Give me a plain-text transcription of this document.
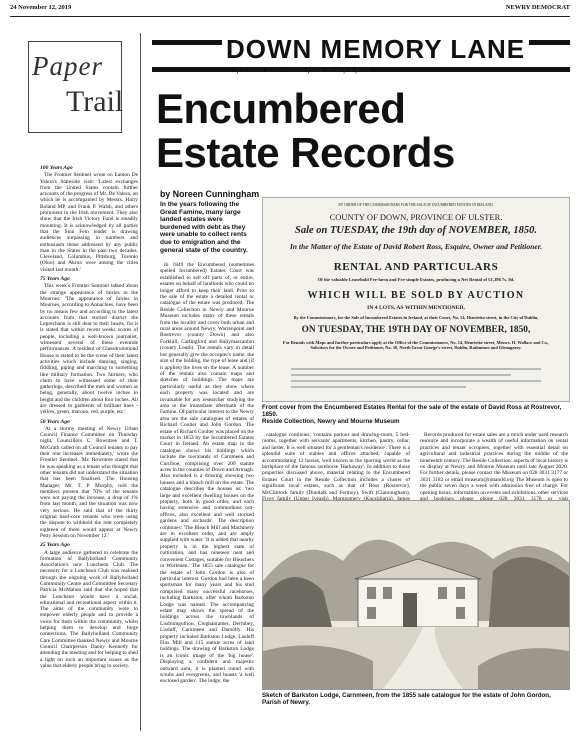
24 November 12, 2019	NEWRY DEMOCRAT
Paper
Trail
100 Years Ago

The Frontier Sentinel wrote on Eamon De Valera's Stateside visit: 'Latest exchanges from the United States contain further accounts of the progress of Mr. De Valera, on which he is accompanied by Messrs. Harry Boland MP, and Frank P. Walsh, and others prominent in the Irish movement. They also show that the Irish Victory Fund is steadily mounting. It is acknowledged by all parties that the Sinn Fein leader is drawing audiences surpassing in numbers and enthusiasm those addressed by any public man in the States in the past two decades. Cleveland, Columbus, Pittsburg, Toronto (Ohio) and Akron were among the cities visited last month.'

75 Years Ago

This week's Frontier Sentinel talked about the strange appearance of fairies in the Mournes: 'The appearance of fairies in Mournes, according to Annachies, have been by no means few and according to the latest accounts from that storied district the Leprechaun is still dear to their hearts, for it is stated that within recent weeks scores of people, including a well-known journalist, witnessed several of these eventide performances. A resident of Glassdrummond House is stated to be the scene of their latest activities which include dancing, singing, fiddling, piping and marching to something like military formation. Two farmers, who claim to have witnessed some of their gatherings, described the men and women as being, generally, about twelve inches in height and the children about four inches. All are dressed in garments of brilliant lines - yellow, green, maroon, red, purple, etc.'

50 Years Ago

'At a stormy meeting of Newry Urban Council Finance Committee on Thursday night, Councillors C. Rowntree and T. McGrath called on all Council tenants to pay their rent increases immediately,' wrote the Frontier Sentinel. 'Mr. Rowntree stated that he was speaking as a tenant who thought that other tenants did not understand the situation that has been finalised. The Housing Manager, Mr. T. P. Murphy, told the members present that 70% of the tenants were not paying the increase, a drop of 1% from last month, and the situation was now very serious. He said that of the thirty original hard-core tenants who were using the dispute to withhold the rent completely eighteen of them would appear at Newry Petty Session on November 12.'

25 Years Ago

A large audience gathered to celebrate the formation of Ballyholland Community Association's new Luncheon Club. The necessity for a Luncheon Club was realised through the ongoing work of Ballyholland Community Centre and Committee Secretary Patricia McMahon said that she hoped that the Luncheon would have a social, educational and recreational aspect within it. The aims of the community were to empower elderly people and to provide a voice for them within the community, whilst helping them to develop and forge connections. The Ballyholland Community Care Committee thanked Newry and Mourne Council Chairperson Danny Kennedy for attending the meeting and for helping to shed a light on such an important issues as the value that elderly people bring to society.

DOWN MEMORY LANE
pictures and stories from Newry's past
Encumbered
Estate Records
by Noreen Cunningham
In the years following the Great Famine, many large landed estates were burdened with debt as they were unable to collect rents due to emigration and the general state of the country.

In 1849 the Encumbered (sometimes spelled Incumbered) Estates Court was established to sell off parts of, or entire, estates on behalf of landlords who could no longer afford to keep their land. Prior to the sale of the estate a detailed rental or catalogue of the estate was produced. The Reside Collection in Newry and Mourne Museum includes many of these rentals from the locality and cover both urban and rural areas around Newry, Warrenpoint and Rostrevor (county Down) and also Forkhill, Carlingford and Ballymascanlon (county Louth). The rentals vary in detail but generally give the occupier's name, the size of the holding, the type of lease and (if it applies) the lives on the lease. A number of the rentals also contain maps and sketches of buildings. The maps are particularly useful as they show where each property was located and are invaluable for any researcher studying the area in the immediate aftermath of the Famine. Of particular interest to the Newry area are the sale catalogues of estates of Richard Coulter and John Gordon. The estate of Richard Coulter was placed on the market in 1853 by the Incumbered Estates Court in Ireland. An estate map in the catalogue shows his holdings which include the townlands of Carnmeen and Curriboe, comprising over 200 statute acres in the counties of Down and Armagh. Also included is a drawing showing two houses and a bleach mill on the estate. The catalogue describes the houses as: 'two large and excellent dwelling houses on the property, both in good order, and each having extensive and commodious out-offices, also excellent and well stocked gardens and orchards'. The description continues: 'The Bleach Mill and Machinery are in excellent order, and are amply supplied with water.' It is added that nearby property is in the highest state of cultivation, and has nineteen neat and convenient Cottages, suitable for Bleachers or Workmen.' The 1855 sale catalogue for the estate of John Gordon is also of particular interest. Gordon had been a keen sportsman for many years and his stud comprised many successful racehorses, including Barkston, after whom Barkston Lodge was named. The accompanying estate map shows the spread of the holdings across the townlands of Lisdrumgullion, Cloghanramer, Derrubey, Lisduff, Carnmeen and Damolly. His property included Barkston Lodge, Lisduff Flax Mill and 115 statute acres of land holdings. The drawing of Barkston Lodge is an iconic image of the 'big house'. Displaying a confident and majestic outward aura, it is planted round with scrubs and evergreens, and boasts 'a well enclosed garden'. The lodge, the

BY ORDER OF THE COMMISSIONERS FOR THE SALE OF INCUMBERED ESTATES IN IRELAND.
COUNTY OF DOWN, PROVINCE OF ULSTER.
Sale on TUESDAY, the 19th day of NOVEMBER, 1850.
In the Matter of the Estate of David Robert Ross, Esquire, Owner and Petitioner.
RENTAL AND PARTICULARS
Of the valuable Leasehold Fee-farm and Fee-simple Estates, producing a Net Rental of £1,286 7s. 8d.
WHICH WILL BE SOLD BY AUCTION
IN 4 LOTS, AS WITHIN MENTIONED,
By the Commissioners, for the Sale of Incumbered Estates in Ireland, at their Court, No. 14, Henrietta-street, in the City of Dublin,
ON TUESDAY, THE 19TH DAY OF NOVEMBER, 1850,
For Rentals with Maps and further particulars apply at the Office of the Commissioners, No. 14, Henrietta-street, Messrs. H. Wallace and Co., Solicitors for the Owner and Petitioner, No. 30, North Great George's-street, Dublin, Rathmines and Glenageary.
Front cover from the Encumbered Estates Rental for the sale of the estate of David Ross at Rostrevor, 1850.
Reside Collection, Newry and Mourne Museum

catalogue continues, 'contains parlour and drawing-room, 5 bed-rooms, together with servants' apartments, kitchen, pantry, cellar, and larder. It is well situated for a gentleman's residence'. There is a splendid suite of stables and offices attached, capable of accommodating 12 horses, well known in the sporting world as the birthplace of the famous racehorse 'Harkaway'. In addition to those properties discussed above, material relating to the Encumbered Estates Court in the Reside Collection includes a cluster of significant local estates, such as that of Ross (Rostrevor), McClintock family (Dundalk and Fermoy), Swift (Clanrougham),

Records produced for estate sales are a much under used research resource and incorporate a wealth of useful information on rental practices and tenant occupiers, together with essential detail on agricultural and industrial practices during the middle of the nineteenth century. The Reside Collection: aspects of local history is on display at Newry and Mourne Museum until late August 2020. For further details, please contact the Museum on 028 3031 3177 or 3031 3182 or email museum@nmandd.org The Museum is open to the public seven days a week with admission free of charge. For opening hours, information on events and exhibitions, other services

Sketch of Barkston Lodge, Carnmeen, from the 1855 sale catalogue for the estate of John Gordon, Parish of Newry.
